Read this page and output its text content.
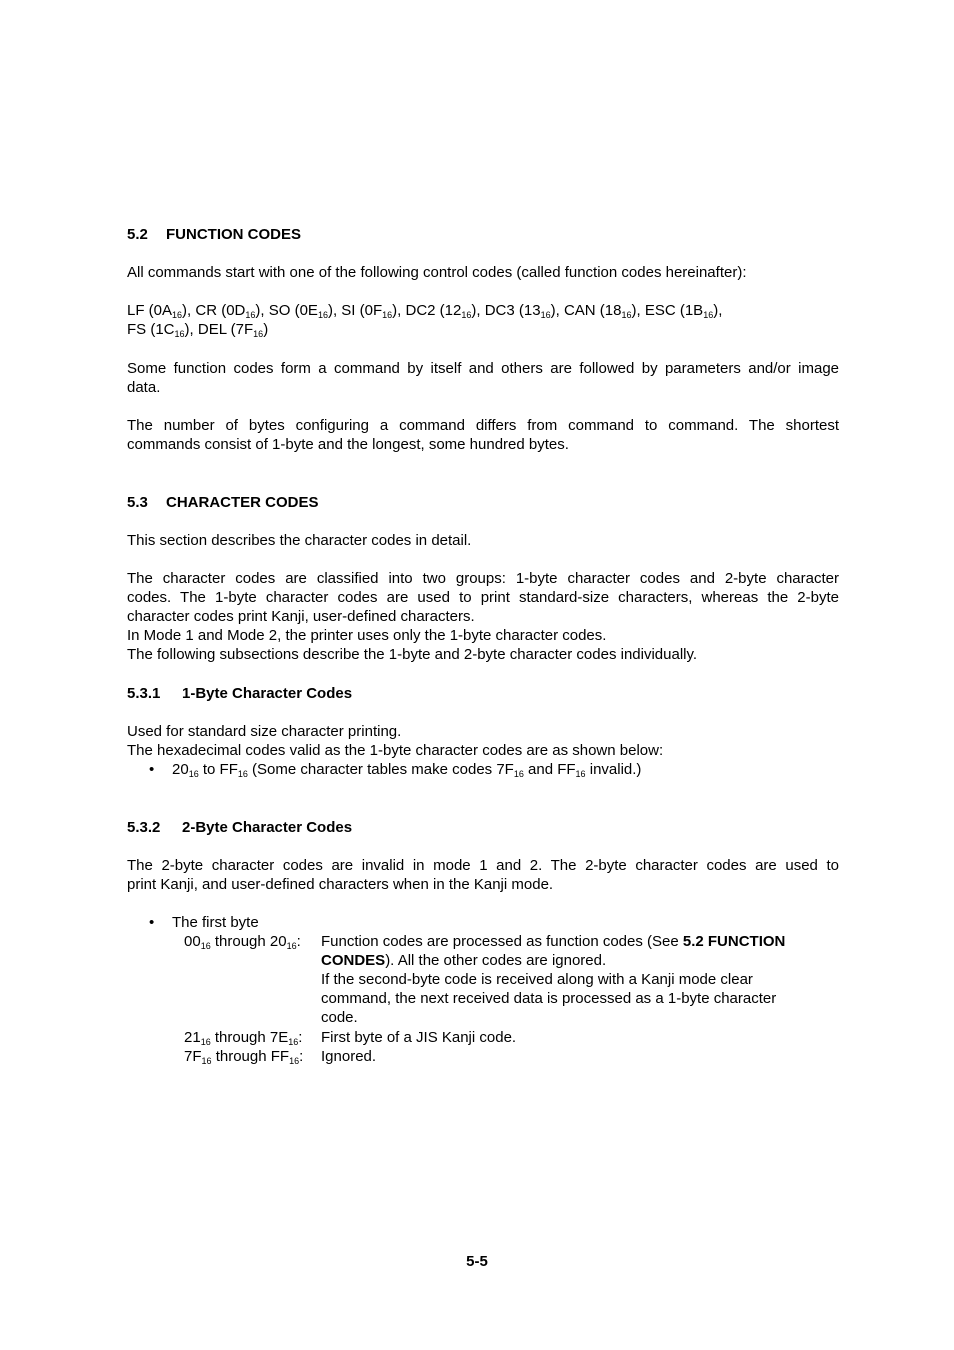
5.2 FUNCTION CODES
All commands start with one of the following control codes (called function codes hereinafter):
LF $(0A_{16})$, CR $(0D_{16})$, SO $(0E_{16})$, SI $(0F_{16})$, DC2 $(12_{16})$, DC3 $(13_{16})$, CAN $(18_{16})$, ESC $(1B_{16})$,
FS $(1C_{16})$, DEL $(7F_{16})$
Some function codes form a command by itself and others are followed by parameters and/or image
data.
The number of bytes configuring a command differs from command to command. The shortest
commands consist of 1-byte and the longest, some hundred bytes.
5.3 CHARACTER CODES
This section describes the character codes in detail.
The character codes are classified into two groups: 1-byte character codes and 2-byte character
codes. The 1-byte character codes are used to print standard-size characters, whereas the 2-byte
character codes print Kanji, user-defined characters.
In Mode 1 and Mode 2, the printer uses only the 1-byte character codes.
The following subsections describe the 1-byte and 2-byte character codes individually.
5.3.1 1-Byte Character Codes
Used for standard size character printing.
The hexadecimal codes valid as the 1-byte character codes are as shown below:
•	$20_{16}$ to $FF_{16}$ (Some character tables make codes $7F_{16}$ and $FF_{16}$ invalid.)
5.3.2 2-Byte Character Codes
The 2-byte character codes are invalid in mode 1 and 2. The 2-byte character codes are used to
print Kanji, and user-defined characters when in the Kanji mode.
•	The first byte
$00_{16}$ through $20_{16}$: Function codes are processed as function codes (See 5.2 FUNCTION
CONDES). All the other codes are ignored.
If the second-byte code is received along with a Kanji mode clear
command, the next received data is processed as a 1-byte character
code.
$21_{16}$ through $7E_{16}$: First byte of a JIS Kanji code.
$7F_{16}$ through $FF_{16}$: Ignored.
5-5
